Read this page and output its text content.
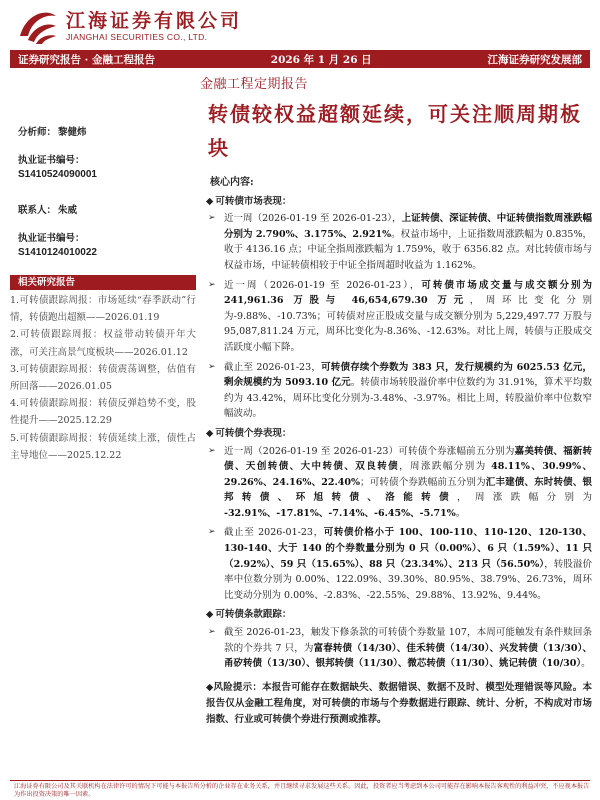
江海证券有限公司
JIANGHAI SECURITIES CO., LTD.
证券研究报告 · 金融工程报告	2026 年 1 月 26 日	江海证券研究发展部
金融工程定期报告
转债较权益超额延续，可关注顺周期板块
分析师： 黎健炜
执业证书编号：
S1410524090001
联系人： 朱威
执业证书编号：
S1410124010022
相关研究报告
1.可转债跟踪周报：市场延续“春季跃动”行情，转债跑出超额——2026.01.19
2.可转债跟踪周报：权益带动转债开年大涨，可关注高景气度板块——2026.01.12
3.可转债跟踪周报：转债震荡调整，估值有所回落——2026.01.05
4.可转债跟踪周报：转债反弹趋势不变，股性提升——2025.12.29
5.可转债跟踪周报：转债延续上涨，债性占主导地位——2025.12.22
核心内容:
◆ 可转债市场表现：
➢ 近一周（2026-01-19 至 2026-01-23），上证转债、深证转债、中证转债指数周涨跌幅分别为 2.790%、3.175%、2.921%。权益市场中，上证指数周涨跌幅为 0.835%，收于 4136.16 点；中证全指周涨跌幅为 1.759%，收于 6356.82 点。对比转债市场与权益市场，中证转债相较于中证全指周超时收益为 1.162%。
➢ 近一周（2026-01-19 至 2026-01-23），可转债市场成交量与成交额分别为 241,961.36 万股与 46,654,679.30 万元，周环比变化分别为-9.88%、-10.73%；可转债对应正股成交量与成交额分别为 5,229,497.77 万股与 95,087,811.24 万元，周环比变化为-8.36%、-12.63%。对比上周，转债与正股成交活跃度小幅下降。
➢ 截止至 2026-01-23，可转债存续个券数为 383 只，发行规模约为 6025.53 亿元，剩余规模约为 5093.10 亿元。转债市场转股溢价率中位数约为 31.91%，算术平均数约为 43.42%，周环比变化分别为-3.48%、-3.97%。相比上周，转股溢价率中位数窄幅波动。
◆ 可转债个券表现：
➢ 近一周（2026-01-19 至 2026-01-23）可转债个券涨幅前五分别为嘉美转债、福新转债、天创转债、大中转债、双良转债，周涨跌幅分别为 48.11%、30.99%、29.26%、24.16%、22.40%；可转债个券跌幅前五分别为汇丰建债、东时转债、银邦转债、环旭转债、洛能转债，周涨跌幅分别为 -32.91%、-17.81%、-7.14%、-6.45%、-5.71%。
➢ 截止至 2026-01-23，可转债价格小于 100、100-110、110-120、120-130、130-140、大于 140 的个券数量分别为 0 只（0.00%）、6 只（1.59%）、11 只（2.92%）、59 只（15.65%）、88 只（23.34%）、213 只（56.50%），转股溢价率中位数分别为 0.00%、122.09%、39.30%、80.95%、38.79%、26.73%，周环比变动分别为 0.00%、-2.83%、-22.55%、29.88%、13.92%、9.44%。
◆ 可转债条款跟踪：
➢ 截至 2026-01-23，触发下修条款的可转债个券数量 107，本周可能触发有条件赎回条款的个券共 7 只，为富春转债（14/30）、佳禾转债（14/30）、兴发转债（13/30）、甬矽转债（13/30）、银邦转债（11/30）、微芯转债（11/30）、姚记转债（10/30）。
◆风险提示：本报告可能存在数据缺失、数据错误、数据不及时、模型处理错误等风险。本报告仅从金融工程角度，对可转债的市场与个券数据进行跟踪、统计、分析，不构成对市场指数、行业或可转债个券进行预测或推荐。
江海证券有限公司及其关联机构在法律许可的情况下可能与本报告所分析的企业存在业务关系，并且继续寻求发展这些关系。因此，投资者应当考虑到本公司可能存在影响本报告客观性的利益冲突，不应视本报告为作出投资决策的唯一因素。
